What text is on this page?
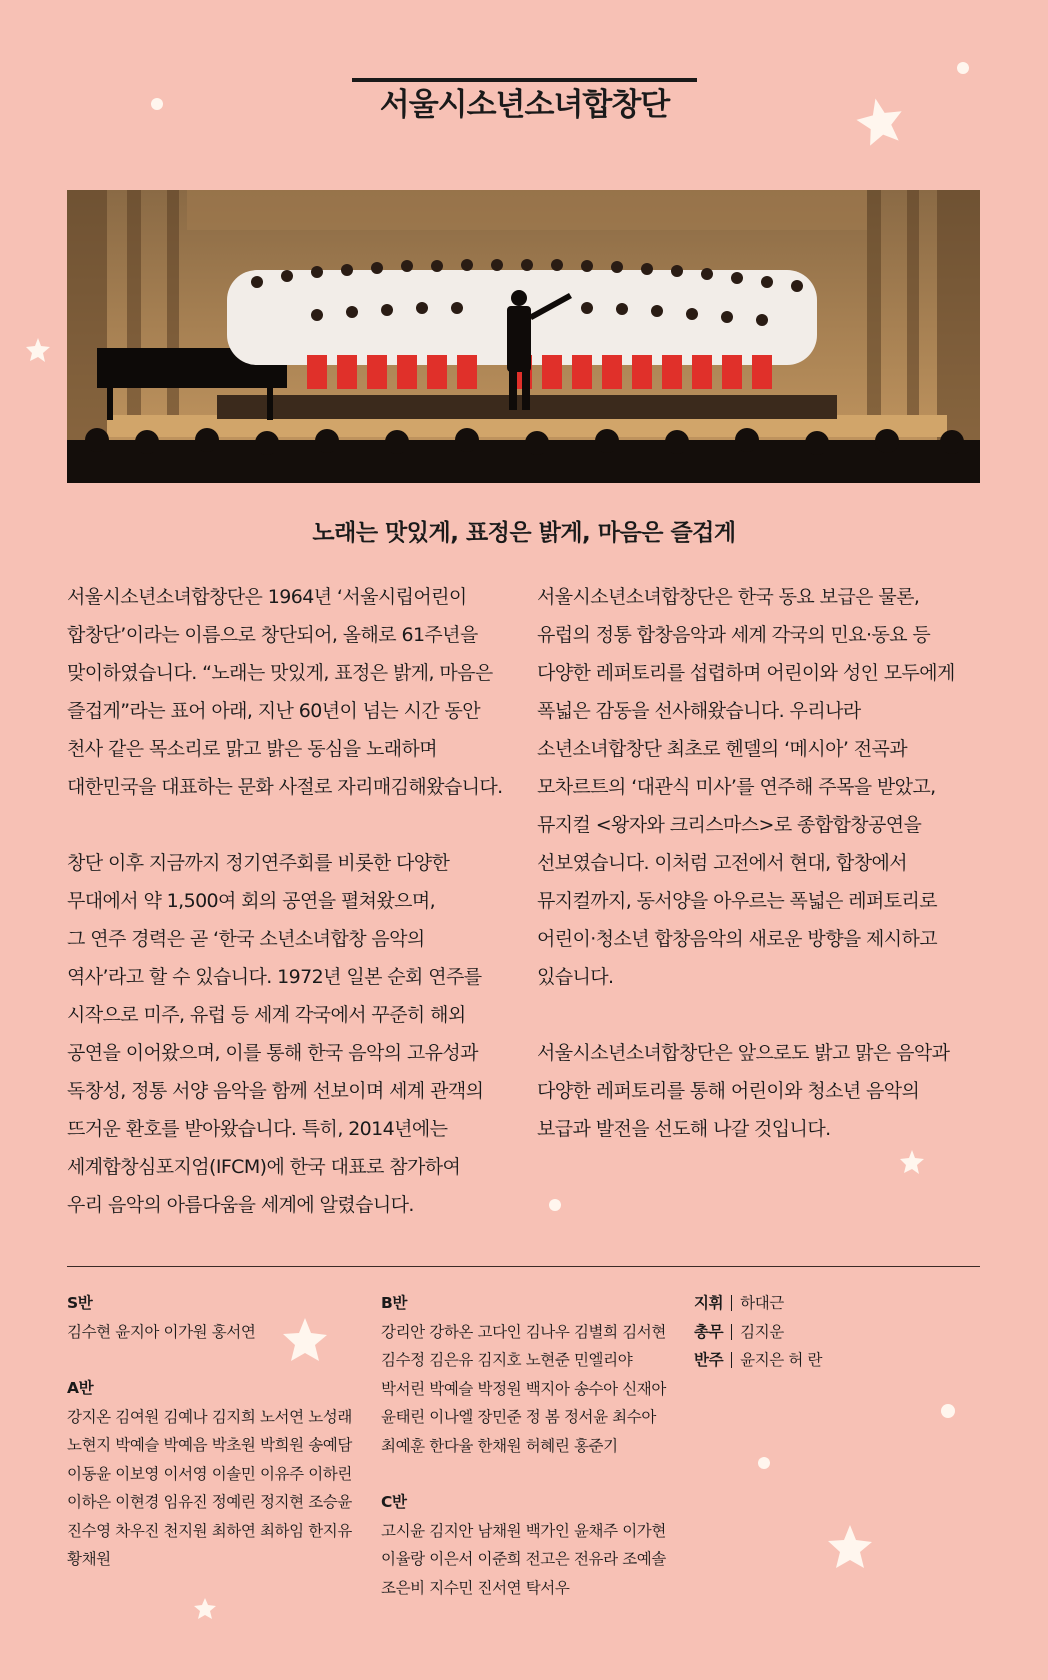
서울시소년소녀합창단
노래는 맛있게, 표정은 밝게, 마음은 즐겁게

서울시소년소녀합창단은 1964년 ‘서울시립어린이
합창단’이라는 이름으로 창단되어, 올해로 61주년을
맞이하였습니다. “노래는 맛있게, 표정은 밝게, 마음은
즐겁게”라는 표어 아래, 지난 60년이 넘는 시간 동안
천사 같은 목소리로 맑고 밝은 동심을 노래하며
대한민국을 대표하는 문화 사절로 자리매김해왔습니다.

창단 이후 지금까지 정기연주회를 비롯한 다양한
무대에서 약 1,500여 회의 공연을 펼쳐왔으며,
그 연주 경력은 곧 ‘한국 소년소녀합창 음악의
역사’라고 할 수 있습니다. 1972년 일본 순회 연주를
시작으로 미주, 유럽 등 세계 각국에서 꾸준히 해외
공연을 이어왔으며, 이를 통해 한국 음악의 고유성과
독창성, 정통 서양 음악을 함께 선보이며 세계 관객의
뜨거운 환호를 받아왔습니다. 특히, 2014년에는
세계합창심포지엄(IFCM)에 한국 대표로 참가하여
우리 음악의 아름다움을 세계에 알렸습니다.

서울시소년소녀합창단은 한국 동요 보급은 물론,
유럽의 정통 합창음악과 세계 각국의 민요·동요 등
다양한 레퍼토리를 섭렵하며 어린이와 성인 모두에게
폭넓은 감동을 선사해왔습니다. 우리나라
소년소녀합창단 최초로 헨델의 ‘메시아’ 전곡과
모차르트의 ‘대관식 미사’를 연주해 주목을 받았고,
뮤지컬 <왕자와 크리스마스>로 종합합창공연을
선보였습니다. 이처럼 고전에서 현대, 합창에서
뮤지컬까지, 동서양을 아우르는 폭넓은 레퍼토리로
어린이·청소년 합창음악의 새로운 방향을 제시하고
있습니다.

서울시소년소녀합창단은 앞으로도 밝고 맑은 음악과
다양한 레퍼토리를 통해 어린이와 청소년 음악의
보급과 발전을 선도해 나갈 것입니다.

S반
김수현 윤지아 이가원 홍서연
A반
강지온 김여원 김예나 김지희 노서연 노성래
노현지 박예슬 박예음 박초원 박희원 송예담
이동윤 이보영 이서영 이솔민 이유주 이하린
이하은 이현경 임유진 정예린 정지현 조승윤
진수영 차우진 천지원 최하연 최하임 한지유
황채원
B반
강리안 강하온 고다인 김나우 김별희 김서현
김수정 김은유 김지호 노현준 민엘리야
박서린 박예슬 박정원 백지아 송수아 신재아
윤태린 이나엘 장민준 정 봄 정서윤 최수아
최예훈 한다율 한채원 허혜린 홍준기
C반
고시윤 김지안 남채원 백가인 윤채주 이가현
이율랑 이은서 이준희 전고은 전유라 조예솔
조은비 지수민 진서연 탁서우
지휘 하대근
총무 김지운
반주 윤지은 허 란
